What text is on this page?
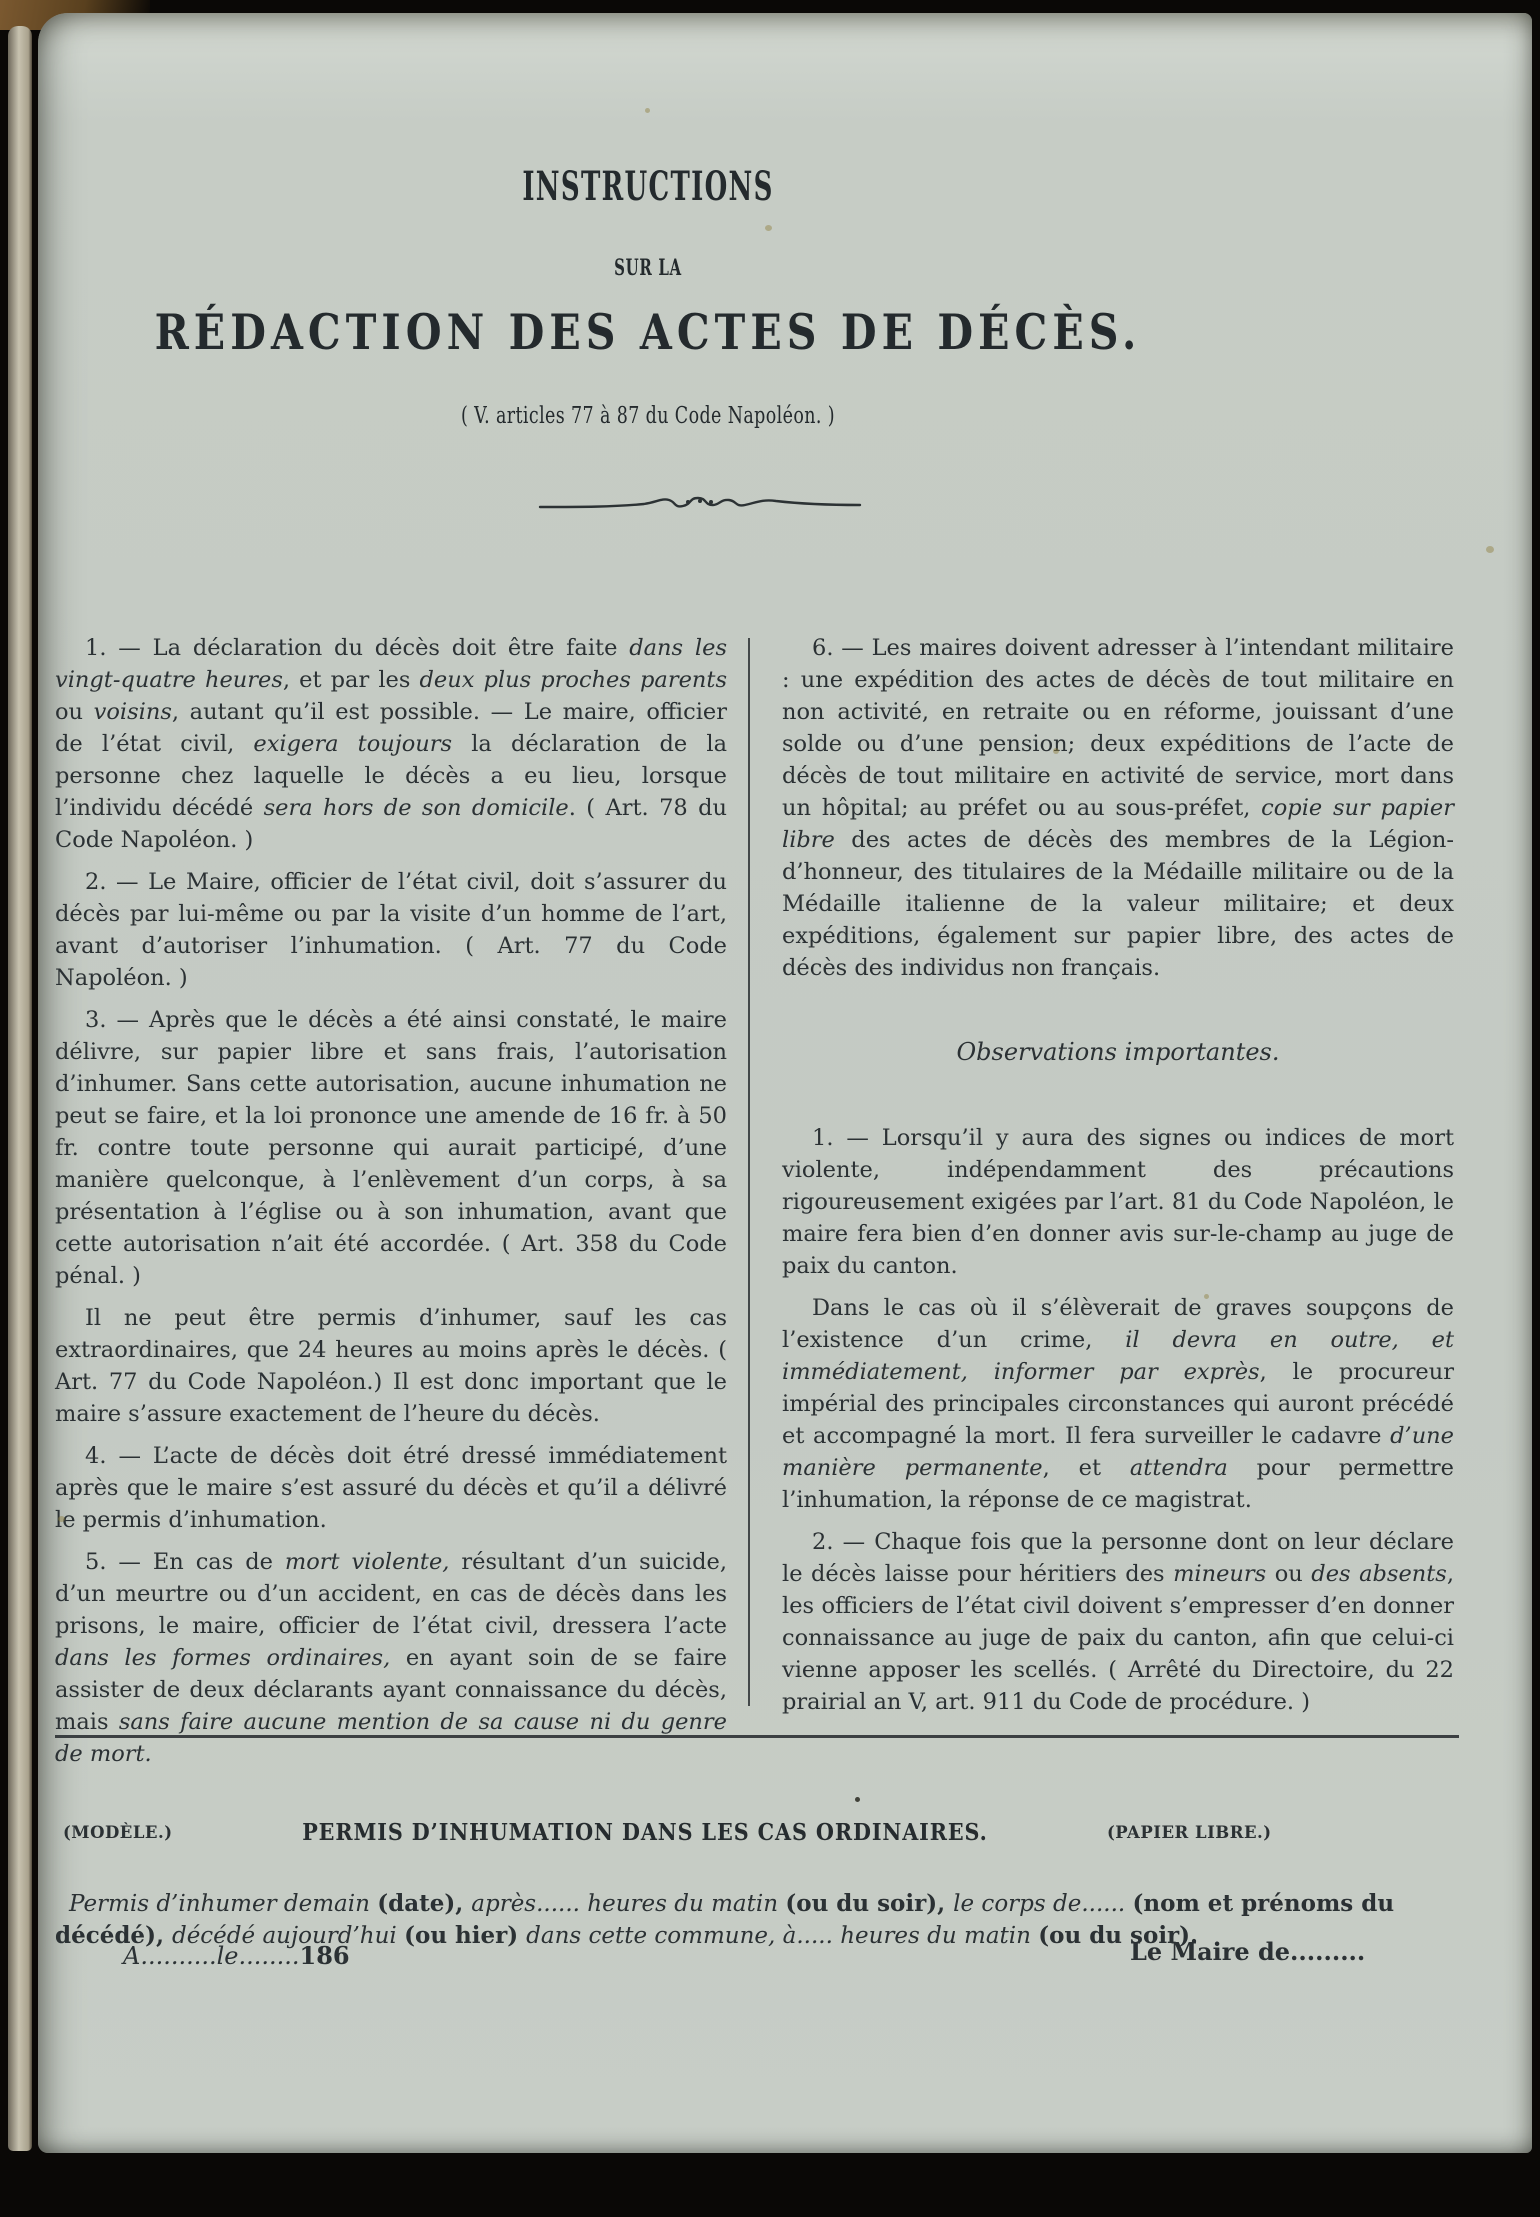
INSTRUCTIONS
SUR LA
RÉDACTION DES ACTES DE DÉCÈS.
( V. articles 77 à 87 du Code Napoléon. )

1. — La déclaration du décès doit être faite dans les vingt-quatre heures, et par les deux plus proches parents ou voisins, autant qu’il est possible. — Le maire, officier de l’état civil, exigera toujours la déclaration de la personne chez laquelle le décès a eu lieu, lorsque l’individu décédé sera hors de son domicile. ( Art. 78 du Code Napoléon. )

2. — Le Maire, officier de l’état civil, doit s’assurer du décès par lui-même ou par la visite d’un homme de l’art, avant d’autoriser l’inhumation. ( Art. 77 du Code Napoléon. )

3. — Après que le décès a été ainsi constaté, le maire délivre, sur papier libre et sans frais, l’autorisation d’inhumer. Sans cette autorisation, aucune inhumation ne peut se faire, et la loi prononce une amende de 16 fr. à 50 fr. contre toute personne qui aurait participé, d’une manière quelconque, à l’enlèvement d’un corps, à sa présentation à l’église ou à son inhumation, avant que cette autorisation n’ait été accordée. ( Art. 358 du Code pénal. )

Il ne peut être permis d’inhumer, sauf les cas extraordinaires, que 24 heures au moins après le décès. ( Art. 77 du Code Napoléon.) Il est donc important que le maire s’assure exactement de l’heure du décès.

4. — L’acte de décès doit étré dressé immédiatement après que le maire s’est assuré du décès et qu’il a délivré le permis d’inhumation.

5. — En cas de mort violente, résultant d’un suicide, d’un meurtre ou d’un accident, en cas de décès dans les prisons, le maire, officier de l’état civil, dressera l’acte dans les formes ordinaires, en ayant soin de se faire assister de deux déclarants ayant connaissance du décès, mais sans faire aucune mention de sa cause ni du genre de mort.

6. — Les maires doivent adresser à l’intendant militaire : une expédition des actes de décès de tout militaire en non activité, en retraite ou en réforme, jouissant d’une solde ou d’une pension; deux expéditions de l’acte de décès de tout militaire en activité de service, mort dans un hôpital; au préfet ou au sous-préfet, copie sur papier libre des actes de décès des membres de la Légion-d’honneur, des titulaires de la Médaille militaire ou de la Médaille italienne de la valeur militaire; et deux expéditions, également sur papier libre, des actes de décès des individus non français.

Observations importantes.

1. — Lorsqu’il y aura des signes ou indices de mort violente, indépendamment des précautions rigoureusement exigées par l’art. 81 du Code Napoléon, le maire fera bien d’en donner avis sur-le-champ au juge de paix du canton.

Dans le cas où il s’élèverait de graves soupçons de l’existence d’un crime, il devra en outre, et immédiatement, informer par exprès, le procureur impérial des principales circonstances qui auront précédé et accompagné la mort. Il fera surveiller le cadavre d’une manière permanente, et attendra pour permettre l’inhumation, la réponse de ce magistrat.

2. — Chaque fois que la personne dont on leur déclare le décès laisse pour héritiers des mineurs ou des absents, les officiers de l’état civil doivent s’empresser d’en donner connaissance au juge de paix du canton, afin que celui-ci vienne apposer les scellés. ( Arrêté du Directoire, du 22 prairial an V, art. 911 du Code de procédure. )

(MODÈLE.)	PERMIS D’INHUMATION DANS LES CAS ORDINAIRES.	(PAPIER LIBRE.)

Permis d’inhumer demain (date), après...... heures du matin (ou du soir), le corps de...... (nom et prénoms du décédé), décédé aujourd’hui (ou hier) dans cette commune, à..... heures du matin (ou du soir).

A..........le........186	Le Maire de.........
